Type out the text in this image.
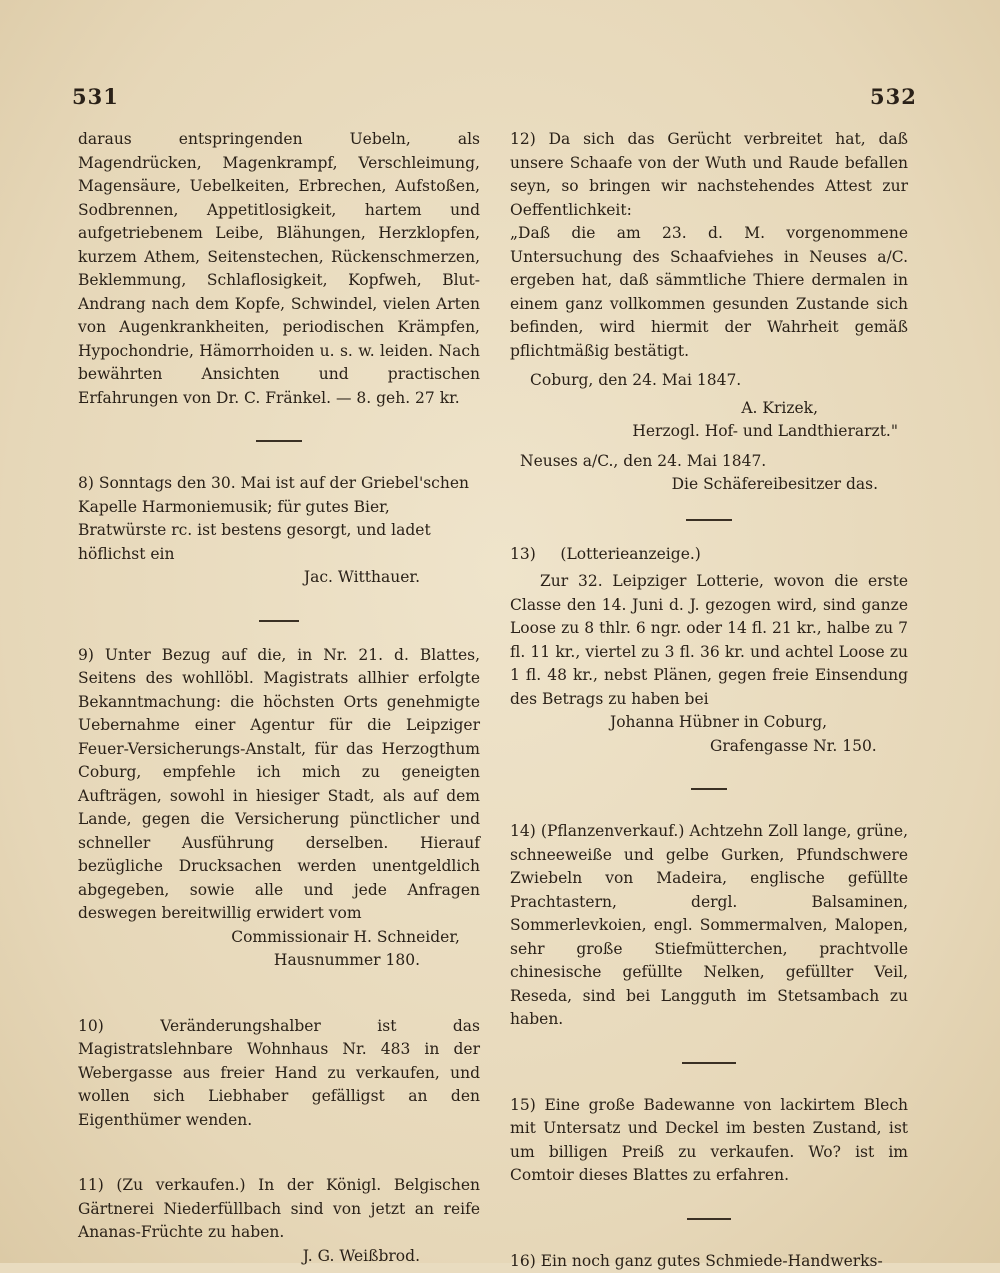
531	532

daraus entspringenden Uebeln, als Magendrücken, Magenkrampf, Verschleimung, Magensäure, Uebelkeiten, Erbrechen, Aufstoßen, Sodbrennen, Appetitlosigkeit, hartem und aufgetriebenem Leibe, Blähungen, Herzklopfen, kurzem Athem, Seitenstechen, Rückenschmerzen, Beklemmung, Schlaflosigkeit, Kopfweh, Blut-Andrang nach dem Kopfe, Schwindel, vielen Arten von Augenkrankheiten, periodischen Krämpfen, Hypochondrie, Hämorrhoiden u. s. w. leiden. Nach bewährten Ansichten und practischen Erfahrungen von Dr. C. Fränkel. — 8. geh. 27 kr.

8) Sonntags den 30. Mai ist auf der Griebel'schen Kapelle Harmoniemusik; für gutes Bier, Bratwürste rc. ist bestens gesorgt, und ladet höflichst ein

Jac. Witthauer.

9) Unter Bezug auf die, in Nr. 21. d. Blattes, Seitens des wohllöbl. Magistrats allhier erfolgte Bekanntmachung: die höchsten Orts genehmigte Uebernahme einer Agentur für die Leipziger Feuer-Versicherungs-Anstalt, für das Herzogthum Coburg, empfehle ich mich zu geneigten Aufträgen, sowohl in hiesiger Stadt, als auf dem Lande, gegen die Versicherung pünctlicher und schneller Ausführung derselben. Hierauf bezügliche Drucksachen werden unentgeldlich abgegeben, sowie alle und jede Anfragen deswegen bereitwillig erwidert vom

Commissionair H. Schneider,

Hausnummer 180.

10) Veränderungshalber ist das Magistratslehnbare Wohnhaus Nr. 483 in der Webergasse aus freier Hand zu verkaufen, und wollen sich Liebhaber gefälligst an den Eigenthümer wenden.

11) (Zu verkaufen.) In der Königl. Belgischen Gärtnerei Niederfüllbach sind von jetzt an reife Ananas-Früchte zu haben.

J. G. Weißbrod.

12) Da sich das Gerücht verbreitet hat, daß unsere Schaafe von der Wuth und Raude befallen seyn, so bringen wir nachstehendes Attest zur Oeffentlichkeit:

„Daß die am 23. d. M. vorgenommene Untersuchung des Schaafviehes in Neuses a/C. ergeben hat, daß sämmtliche Thiere dermalen in einem ganz vollkommen gesunden Zustande sich befinden, wird hiermit der Wahrheit gemäß pflichtmäßig bestätigt.

Coburg, den 24. Mai 1847.

A. Krizek,

Herzogl. Hof- und Landthierarzt."

Neuses a/C., den 24. Mai 1847.

Die Schäfereibesitzer das.

13)     (Lotterieanzeige.)

Zur 32. Leipziger Lotterie, wovon die erste Classe den 14. Juni d. J. gezogen wird, sind ganze Loose zu 8 thlr. 6 ngr. oder 14 fl. 21 kr., halbe zu 7 fl. 11 kr., viertel zu 3 fl. 36 kr. und achtel Loose zu 1 fl. 48 kr., nebst Plänen, gegen freie Einsendung des Betrags zu haben bei

Johanna Hübner in Coburg,

Grafengasse Nr. 150.

14) (Pflanzenverkauf.) Achtzehn Zoll lange, grüne, schneeweiße und gelbe Gurken, Pfundschwere Zwiebeln von Madeira, englische gefüllte Prachtastern, dergl. Balsaminen, Sommerlevkoien, engl. Sommermalven, Malopen, sehr große Stiefmütterchen, prachtvolle chinesische gefüllte Nelken, gefüllter Veil, Reseda, sind bei Langguth im Stetsambach zu haben.

15) Eine große Badewanne von lackirtem Blech mit Untersatz und Deckel im besten Zustand, ist um billigen Preiß zu verkaufen. Wo? ist im Comtoir dieses Blattes zu erfahren.

16) Ein noch ganz gutes Schmiede-Handwerks-
